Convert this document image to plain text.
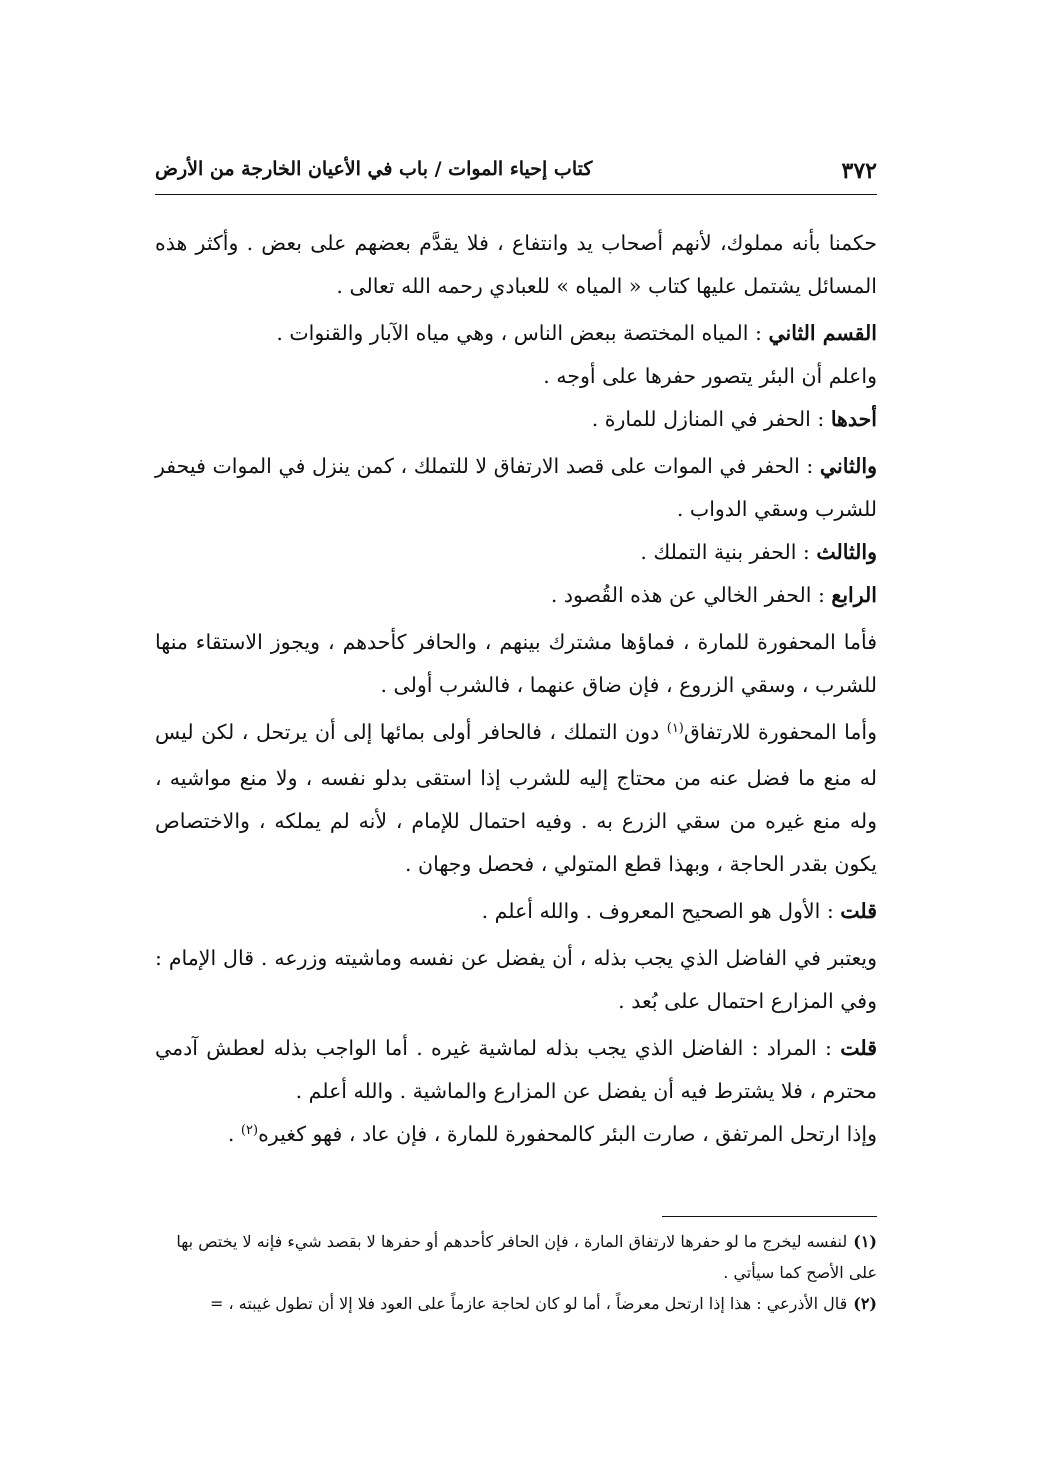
٣٧٢
كتاب إحياء الموات / باب في الأعيان الخارجة من الأرض

حكمنا بأنه مملوك، لأنهم أصحاب يد وانتفاع ، فلا يقدَّم بعضهم على بعض . وأكثر هذه المسائل يشتمل عليها كتاب « المياه » للعبادي رحمه الله تعالى .

القسم الثاني : المياه المختصة ببعض الناس ، وهي مياه الآبار والقنوات .

واعلم أن البئر يتصور حفرها على أوجه .

أحدها : الحفر في المنازل للمارة .

والثاني : الحفر في الموات على قصد الارتفاق لا للتملك ، كمن ينزل في الموات فيحفر للشرب وسقي الدواب .

والثالث : الحفر بنية التملك .

الرابع : الحفر الخالي عن هذه القُصود .

فأما المحفورة للمارة ، فماؤها مشترك بينهم ، والحافر كأحدهم ، ويجوز الاستقاء منها للشرب ، وسقي الزروع ، فإن ضاق عنهما ، فالشرب أولى .

وأما المحفورة للارتفاق$^{(١)}$ دون التملك ، فالحافر أولى بمائها إلى أن يرتحل ، لكن ليس له منع ما فضل عنه من محتاج إليه للشرب إذا استقى بدلو نفسه ، ولا منع مواشيه ، وله منع غيره من سقي الزرع به . وفيه احتمال للإمام ، لأنه لم يملكه ، والاختصاص يكون بقدر الحاجة ، وبهذا قطع المتولي ، فحصل وجهان .

قلت : الأول هو الصحيح المعروف . والله أعلم .

ويعتبر في الفاضل الذي يجب بذله ، أن يفضل عن نفسه وماشيته وزرعه . قال الإمام : وفي المزارع احتمال على بُعد .

قلت : المراد : الفاضل الذي يجب بذله لماشية غيره . أما الواجب بذله لعطش آدمي محترم ، فلا يشترط فيه أن يفضل عن المزارع والماشية . والله أعلم .

وإذا ارتحل المرتفق ، صارت البئر كالمحفورة للمارة ، فإن عاد ، فهو كغيره$^{(٢)}$ .

(١)لنفسه ليخرج ما لو حفرها لارتفاق المارة ، فإن الحافر كأحدهم أو حفرها لا بقصد شيء فإنه لا يختص بها على الأصح كما سيأتي .

(٢)قال الأذرعي : هذا إذا ارتحل معرضاً ، أما لو كان لحاجة عازماً على العود فلا إلا أن تطول غيبته ، =
